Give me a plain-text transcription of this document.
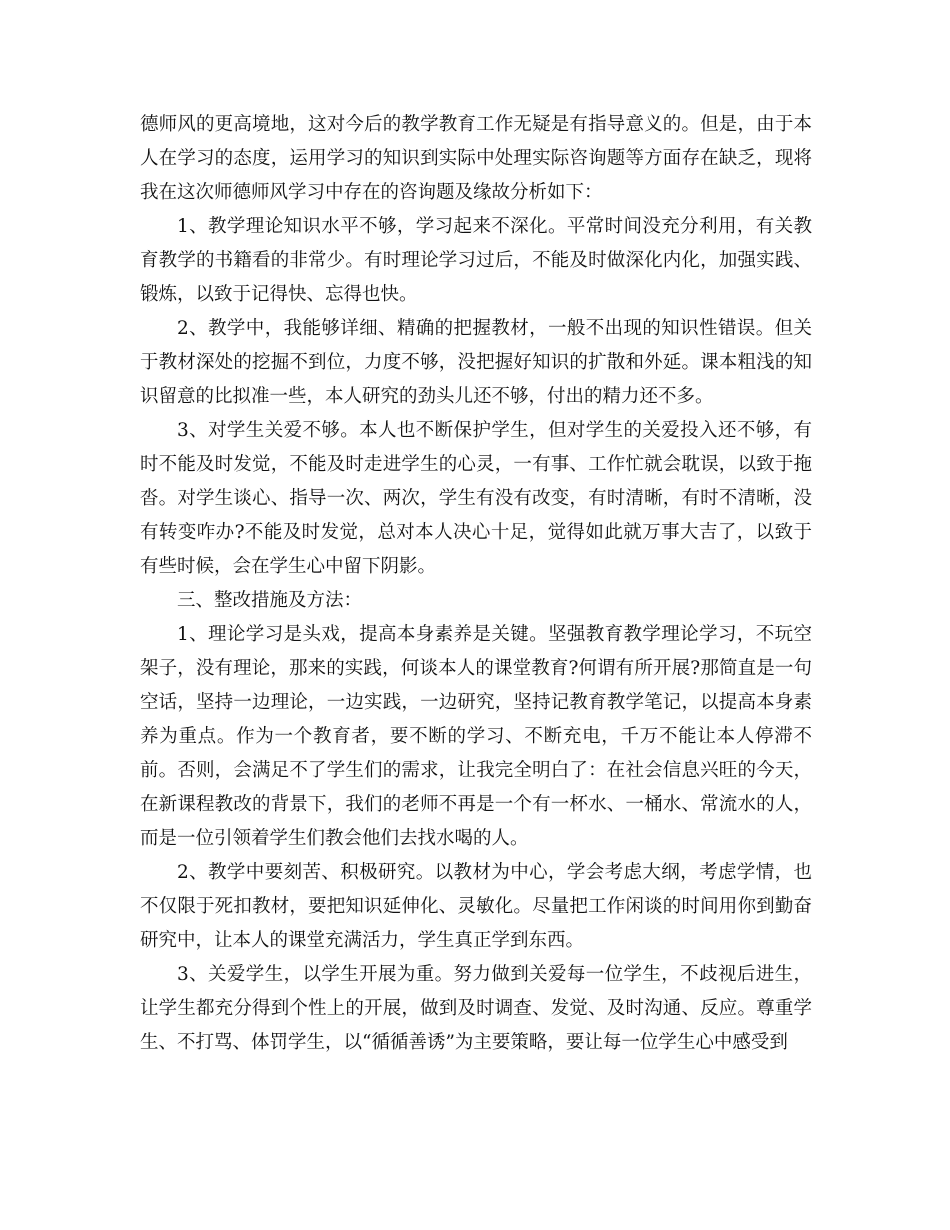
德师风的更高境地，这对今后的教学教育工作无疑是有指导意义的。但是，由于本人在学习的态度，运用学习的知识到实际中处理实际咨询题等方面存在缺乏，现将我在这次师德师风学习中存在的咨询题及缘故分析如下：

1、教学理论知识水平不够，学习起来不深化。平常时间没充分利用，有关教育教学的书籍看的非常少。有时理论学习过后，不能及时做深化内化，加强实践、锻炼，以致于记得快、忘得也快。

2、教学中，我能够详细、精确的把握教材，一般不出现的知识性错误。但关于教材深处的挖掘不到位，力度不够，没把握好知识的扩散和外延。课本粗浅的知识留意的比拟准一些，本人研究的劲头儿还不够，付出的精力还不多。

3、对学生关爱不够。本人也不断保护学生，但对学生的关爱投入还不够，有时不能及时发觉，不能及时走进学生的心灵，一有事、工作忙就会耽误，以致于拖沓。对学生谈心、指导一次、两次，学生有没有改变，有时清晰，有时不清晰，没有转变咋办?不能及时发觉，总对本人决心十足，觉得如此就万事大吉了，以致于有些时候，会在学生心中留下阴影。

三、整改措施及方法：

1、理论学习是头戏，提高本身素养是关键。坚强教育教学理论学习，不玩空架子，没有理论，那来的实践，何谈本人的课堂教育?何谓有所开展?那简直是一句空话，坚持一边理论，一边实践，一边研究，坚持记教育教学笔记，以提高本身素养为重点。作为一个教育者，要不断的学习、不断充电，千万不能让本人停滞不前。否则，会满足不了学生们的需求，让我完全明白了：在社会信息兴旺的今天，在新课程教改的背景下，我们的老师不再是一个有一杯水、一桶水、常流水的人，而是一位引领着学生们教会他们去找水喝的人。

2、教学中要刻苦、积极研究。以教材为中心，学会考虑大纲，考虑学情，也不仅限于死扣教材，要把知识延伸化、灵敏化。尽量把工作闲谈的时间用你到勤奋研究中，让本人的课堂充满活力，学生真正学到东西。

3、关爱学生，以学生开展为重。努力做到关爱每一位学生，不歧视后进生，让学生都充分得到个性上的开展，做到及时调查、发觉、及时沟通、反应。尊重学生、不打骂、体罚学生，以“循循善诱”为主要策略，要让每一位学生心中感受到
